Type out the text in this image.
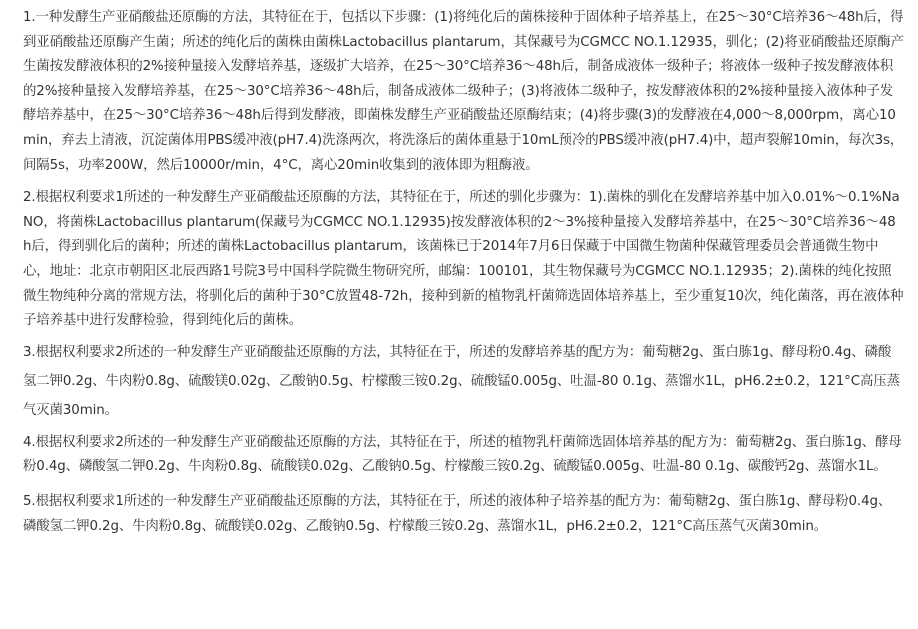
1.一种发酵生产亚硝酸盐还原酶的方法，其特征在于，包括以下步骤：(1)将纯化后的菌株接种于固体种子培养基上，在25～30°C培养36～48h后，得到亚硝酸盐还原酶产生菌；所述的纯化后的菌株由菌株Lactobacillus plantarum，其保藏号为CGMCC NO.1.12935，驯化；(2)将亚硝酸盐还原酶产生菌按发酵液体积的2%接种量接入发酵培养基，逐级扩大培养，在25～30°C培养36～48h后，制备成液体一级种子；将液体一级种子按发酵液体积的2%接种量接入发酵培养基，在25～30°C培养36～48h后，制备成液体二级种子；(3)将液体二级种子，按发酵液体积的2%接种量接入液体种子发酵培养基中，在25～30°C培养36～48h后得到发酵液，即菌株发酵生产亚硝酸盐还原酶结束；(4)将步骤(3)的发酵液在4,000～8,000rpm，离心10min，弃去上清液，沉淀菌体用PBS缓冲液(pH7.4)洗涤两次，将洗涤后的菌体重悬于10mL预冷的PBS缓冲液(pH7.4)中，超声裂解10min，每次3s，间隔5s，功率200W，然后10000r/min，4°C，离心20min收集到的液体即为粗酶液。

2.根据权利要求1所述的一种发酵生产亚硝酸盐还原酶的方法，其特征在于，所述的驯化步骤为：1).菌株的驯化在发酵培养基中加入0.01%～0.1%NaNO，将菌株Lactobacillus plantarum(保藏号为CGMCC NO.1.12935)按发酵液体积的2～3%接种量接入发酵培养基中，在25～30°C培养36～48h后，得到驯化后的菌种；所述的菌株Lactobacillus plantarum，该菌株已于2014年7月6日保藏于中国微生物菌种保藏管理委员会普通微生物中心，地址：北京市朝阳区北辰西路1号院3号中国科学院微生物研究所，邮编：100101，其生物保藏号为CGMCC NO.1.12935；2).菌株的纯化按照微生物纯种分离的常规方法，将驯化后的菌种于30°C放置48-72h，接种到新的植物乳杆菌筛选固体培养基上，至少重复10次，纯化菌落，再在液体种子培养基中进行发酵检验，得到纯化后的菌株。

3.根据权利要求2所述的一种发酵生产亚硝酸盐还原酶的方法，其特征在于，所述的发酵培养基的配方为：葡萄糖2g、蛋白胨1g、酵母粉0.4g、磷酸氢二钾0.2g、牛肉粉0.8g、硫酸镁0.02g、乙酸钠0.5g、柠檬酸三铵0.2g、硫酸锰0.005g、吐温-80 0.1g、蒸馏水1L，pH6.2±0.2，121°C高压蒸气灭菌30min。

4.根据权利要求2所述的一种发酵生产亚硝酸盐还原酶的方法，其特征在于，所述的植物乳杆菌筛选固体培养基的配方为：葡萄糖2g、蛋白胨1g、酵母粉0.4g、磷酸氢二钾0.2g、牛肉粉0.8g、硫酸镁0.02g、乙酸钠0.5g、柠檬酸三铵0.2g、硫酸锰0.005g、吐温-80 0.1g、碳酸钙2g、蒸馏水1L。

5.根据权利要求1所述的一种发酵生产亚硝酸盐还原酶的方法，其特征在于，所述的液体种子培养基的配方为：葡萄糖2g、蛋白胨1g、酵母粉0.4g、磷酸氢二钾0.2g、牛肉粉0.8g、硫酸镁0.02g、乙酸钠0.5g、柠檬酸三铵0.2g、蒸馏水1L，pH6.2±0.2，121°C高压蒸气灭菌30min。
